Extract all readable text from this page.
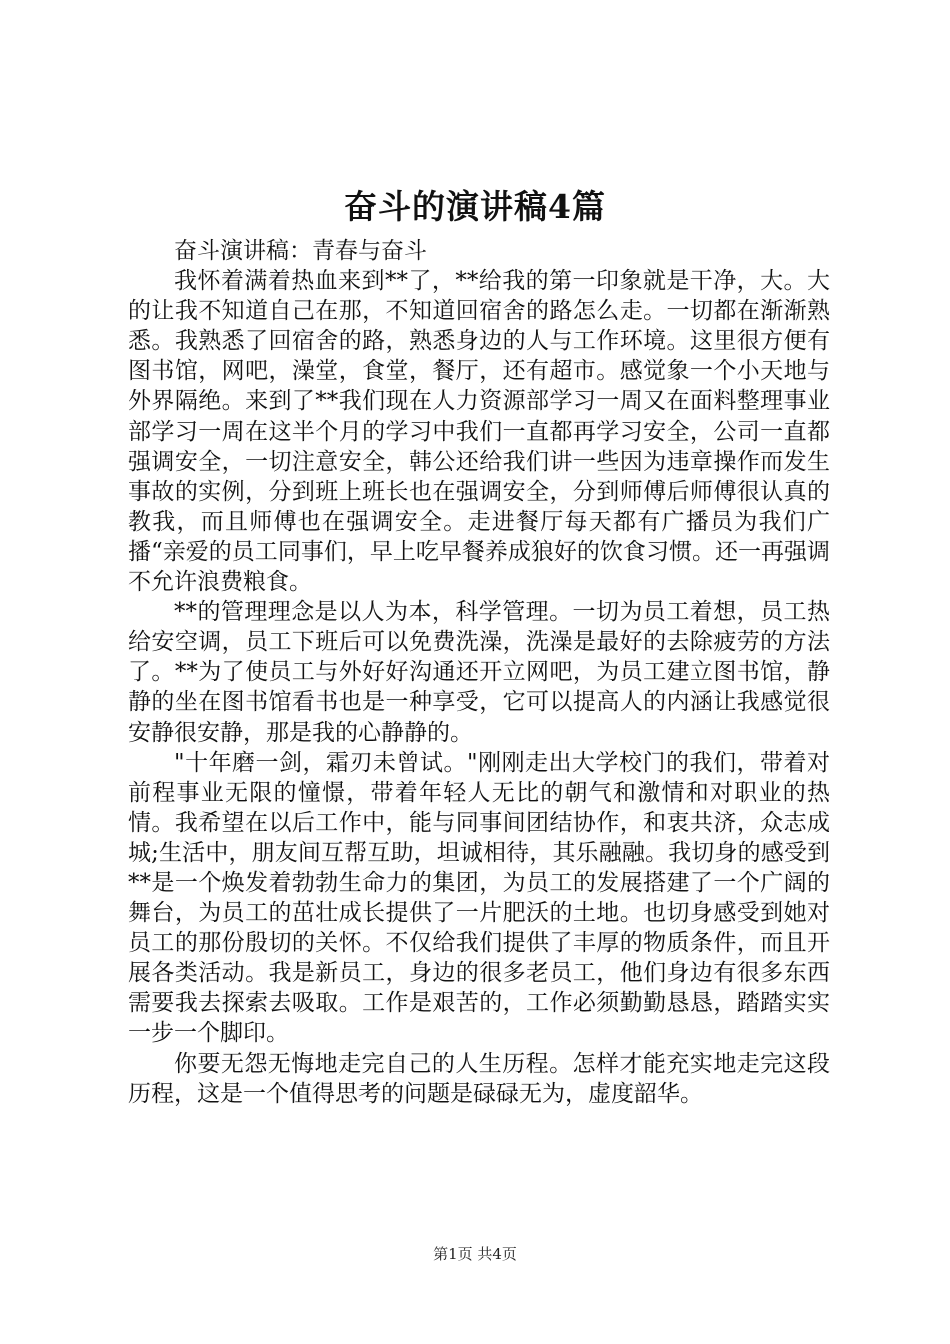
奋斗的演讲稿4篇

奋斗演讲稿：青春与奋斗

我怀着满着热血来到**了，**给我的第一印象就是干净，大。大的让我不知道自己在那，不知道回宿舍的路怎么走。一切都在渐渐熟悉。我熟悉了回宿舍的路，熟悉身边的人与工作环境。这里很方便有图书馆，网吧，澡堂，食堂，餐厅，还有超市。感觉象一个小天地与外界隔绝。来到了**我们现在人力资源部学习一周又在面料整理事业部学习一周在这半个月的学习中我们一直都再学习安全，公司一直都强调安全，一切注意安全，韩公还给我们讲一些因为违章操作而发生事故的实例，分到班上班长也在强调安全，分到师傅后师傅很认真的教我，而且师傅也在强调安全。走进餐厅每天都有广播员为我们广播“亲爱的员工同事们，早上吃早餐养成狼好的饮食习惯。还一再强调不允许浪费粮食。

**的管理理念是以人为本，科学管理。一切为员工着想，员工热给安空调，员工下班后可以免费洗澡，洗澡是最好的去除疲劳的方法了。**为了使员工与外好好沟通还开立网吧，为员工建立图书馆，静静的坐在图书馆看书也是一种享受，它可以提高人的内涵让我感觉很安静很安静，那是我的心静静的。

"十年磨一剑，霜刃未曾试。"刚刚走出大学校门的我们，带着对前程事业无限的憧憬，带着年轻人无比的朝气和激情和对职业的热情。我希望在以后工作中，能与同事间团结协作，和衷共济，众志成城;生活中，朋友间互帮互助，坦诚相待，其乐融融。我切身的感受到**是一个焕发着勃勃生命力的集团，为员工的发展搭建了一个广阔的舞台，为员工的茁壮成长提供了一片肥沃的土地。也切身感受到她对员工的那份殷切的关怀。不仅给我们提供了丰厚的物质条件，而且开展各类活动。我是新员工，身边的很多老员工，他们身边有很多东西需要我去探索去吸取。工作是艰苦的，工作必须勤勤恳恳，踏踏实实一步一个脚印。

你要无怨无悔地走完自己的人生历程。怎样才能充实地走完这段历程，这是一个值得思考的问题是碌碌无为，虚度韶华。

第1页 共4页
